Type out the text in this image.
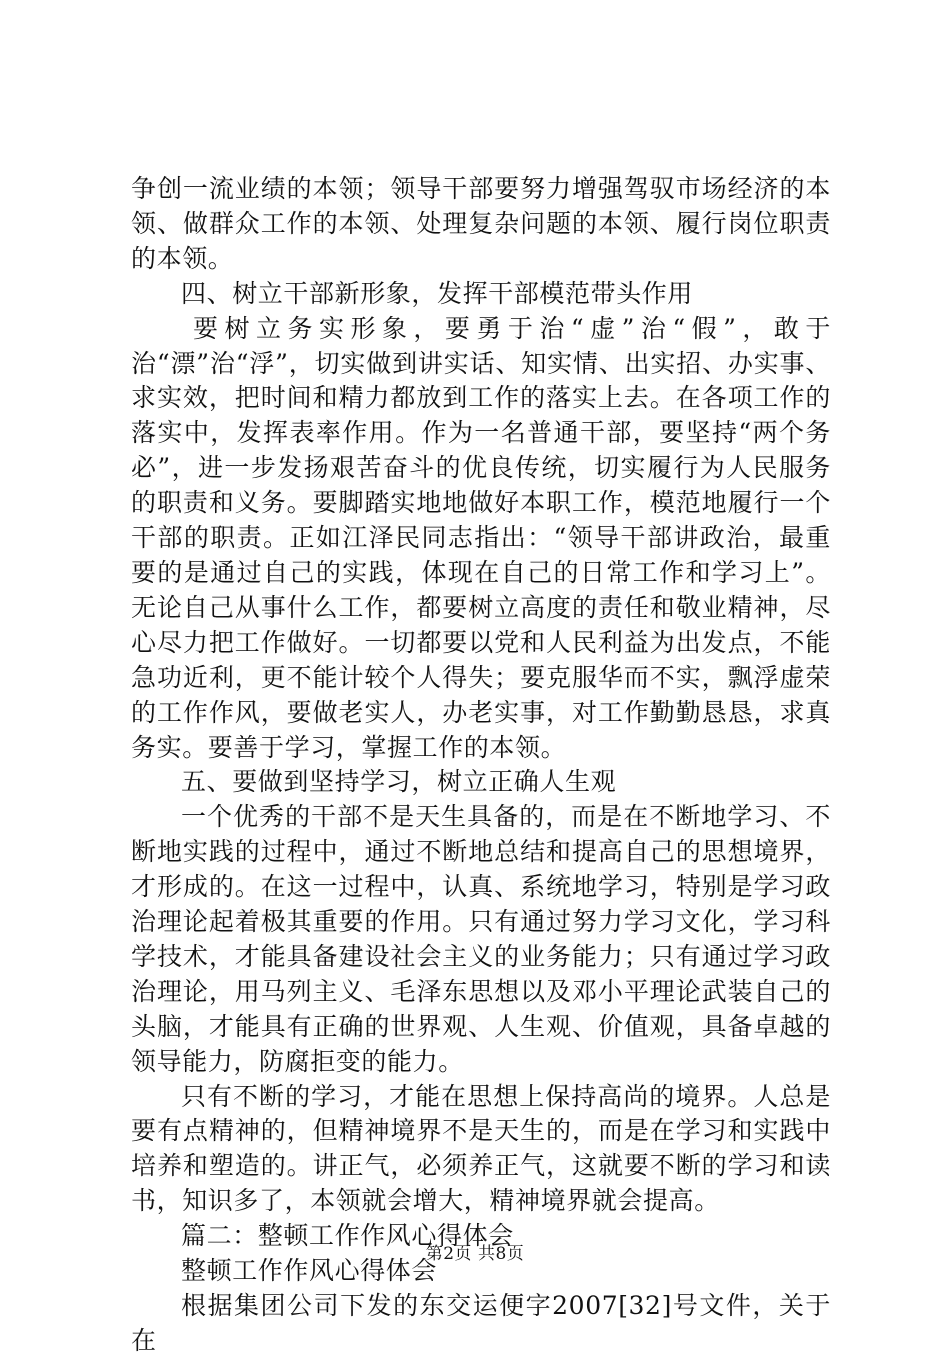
争创一流业绩的本领；领导干部要努力增强驾驭市场经济的本领、做群众工作的本领、处理复杂问题的本领、履行岗位职责的本领。

四、树立干部新形象，发挥干部模范带头作用

要树立务实形象，要勇于治“虚”治“假”，敢于治“漂”治“浮”，切实做到讲实话、知实情、出实招、办实事、求实效，把时间和精力都放到工作的落实上去。在各项工作的落实中，发挥表率作用。作为一名普通干部，要坚持“两个务必”，进一步发扬艰苦奋斗的优良传统，切实履行为人民服务的职责和义务。要脚踏实地地做好本职工作，模范地履行一个干部的职责。正如江泽民同志指出：“领导干部讲政治，最重要的是通过自己的实践，体现在自己的日常工作和学习上”。无论自己从事什么工作，都要树立高度的责任和敬业精神，尽心尽力把工作做好。一切都要以党和人民利益为出发点，不能急功近利，更不能计较个人得失；要克服华而不实，飘浮虚荣的工作作风，要做老实人，办老实事，对工作勤勤恳恳，求真务实。要善于学习，掌握工作的本领。

五、要做到坚持学习，树立正确人生观

一个优秀的干部不是天生具备的，而是在不断地学习、不断地实践的过程中，通过不断地总结和提高自己的思想境界，才形成的。在这一过程中，认真、系统地学习，特别是学习政治理论起着极其重要的作用。只有通过努力学习文化，学习科学技术，才能具备建设社会主义的业务能力；只有通过学习政治理论，用马列主义、毛泽东思想以及邓小平理论武装自己的头脑，才能具有正确的世界观、人生观、价值观，具备卓越的领导能力，防腐拒变的能力。

只有不断的学习，才能在思想上保持高尚的境界。人总是要有点精神的，但精神境界不是天生的，而是在学习和实践中培养和塑造的。讲正气，必须养正气，这就要不断的学习和读书，知识多了，本领就会增大，精神境界就会提高。

篇二：整顿工作作风心得体会

整顿工作作风心得体会

根据集团公司下发的东交运便字2007[32]号文件，关于在

第2页 共8页
